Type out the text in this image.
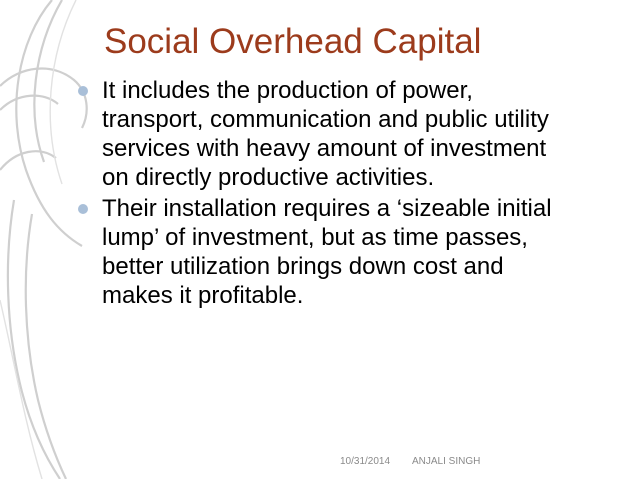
Social Overhead Capital
It includes the production of power,
transport, communication and public utility
services with heavy amount of investment
on directly productive activities.
Their installation requires a ‘sizeable initial
lump’ of investment, but as time passes,
better utilization brings down cost and
makes it profitable.
10/31/2014 ANJALI SINGH
